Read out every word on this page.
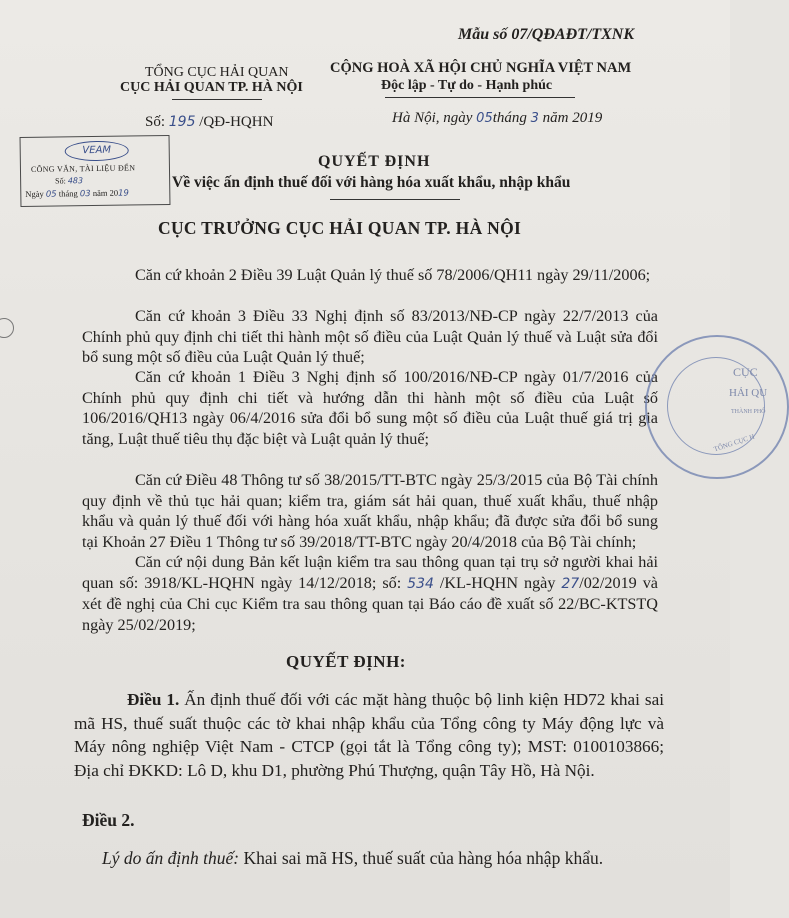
Mẫu số 07/QĐAĐT/TXNK
TỔNG CỤC HẢI QUAN
CỤC HẢI QUAN TP. HÀ NỘI
CỘNG HOÀ XÃ HỘI CHỦ NGHĨA VIỆT NAM
Độc lập - Tự do - Hạnh phúc
Số: 195 /QĐ-HQHN	Hà Nội, ngày 05tháng 3 năm 2019
VEAM
CÔNG VĂN, TÀI LIỆU ĐẾN
Số: 483
Ngày 05 tháng 03 năm 2019
QUYẾT ĐỊNH
Về việc ấn định thuế đối với hàng hóa xuất khẩu, nhập khẩu
CỤC TRƯỞNG CỤC HẢI QUAN TP. HÀ NỘI
Căn cứ khoản 2 Điều 39 Luật Quản lý thuế số 78/2006/QH11 ngày 29/11/2006;
Căn cứ khoản 3 Điều 33 Nghị định số 83/2013/NĐ-CP ngày 22/7/2013 của Chính phủ quy định chi tiết thi hành một số điều của Luật Quản lý thuế và Luật sửa đổi bổ sung một số điều của Luật Quản lý thuế;
Căn cứ khoản 1 Điều 3 Nghị định số 100/2016/NĐ-CP ngày 01/7/2016 của Chính phủ quy định chi tiết và hướng dẫn thi hành một số điều của Luật số 106/2016/QH13 ngày 06/4/2016 sửa đổi bổ sung một số điều của Luật thuế giá trị gia tăng, Luật thuế tiêu thụ đặc biệt và Luật quản lý thuế;
Căn cứ Điều 48 Thông tư số 38/2015/TT-BTC ngày 25/3/2015 của Bộ Tài chính quy định về thủ tục hải quan; kiểm tra, giám sát hải quan, thuế xuất khẩu, thuế nhập khẩu và quản lý thuế đối với hàng hóa xuất khẩu, nhập khẩu; đã được sửa đổi bổ sung tại Khoản 27 Điều 1 Thông tư số 39/2018/TT-BTC ngày 20/4/2018 của Bộ Tài chính;
Căn cứ nội dung Bản kết luận kiểm tra sau thông quan tại trụ sở người khai hải quan số: 3918/KL-HQHN ngày 14/12/2018; số: 534 /KL-HQHN ngày 27/02/2019 và xét đề nghị của Chi cục Kiểm tra sau thông quan tại Báo cáo đề xuất số 22/BC-KTSTQ ngày 25/02/2019;
CỤC
HẢI QU
THÀNH PHỐ
TỔNG CỤC H
QUYẾT ĐỊNH:
Điều 1. Ấn định thuế đối với các mặt hàng thuộc bộ linh kiện HD72 khai sai mã HS, thuế suất thuộc các tờ khai nhập khẩu của Tổng công ty Máy động lực và Máy nông nghiệp Việt Nam - CTCP (gọi tắt là Tổng công ty); MST: 0100103866; Địa chỉ ĐKKD: Lô D, khu D1, phường Phú Thượng, quận Tây Hồ, Hà Nội.
Điều 2.
Lý do ấn định thuế: Khai sai mã HS, thuế suất của hàng hóa nhập khẩu.
